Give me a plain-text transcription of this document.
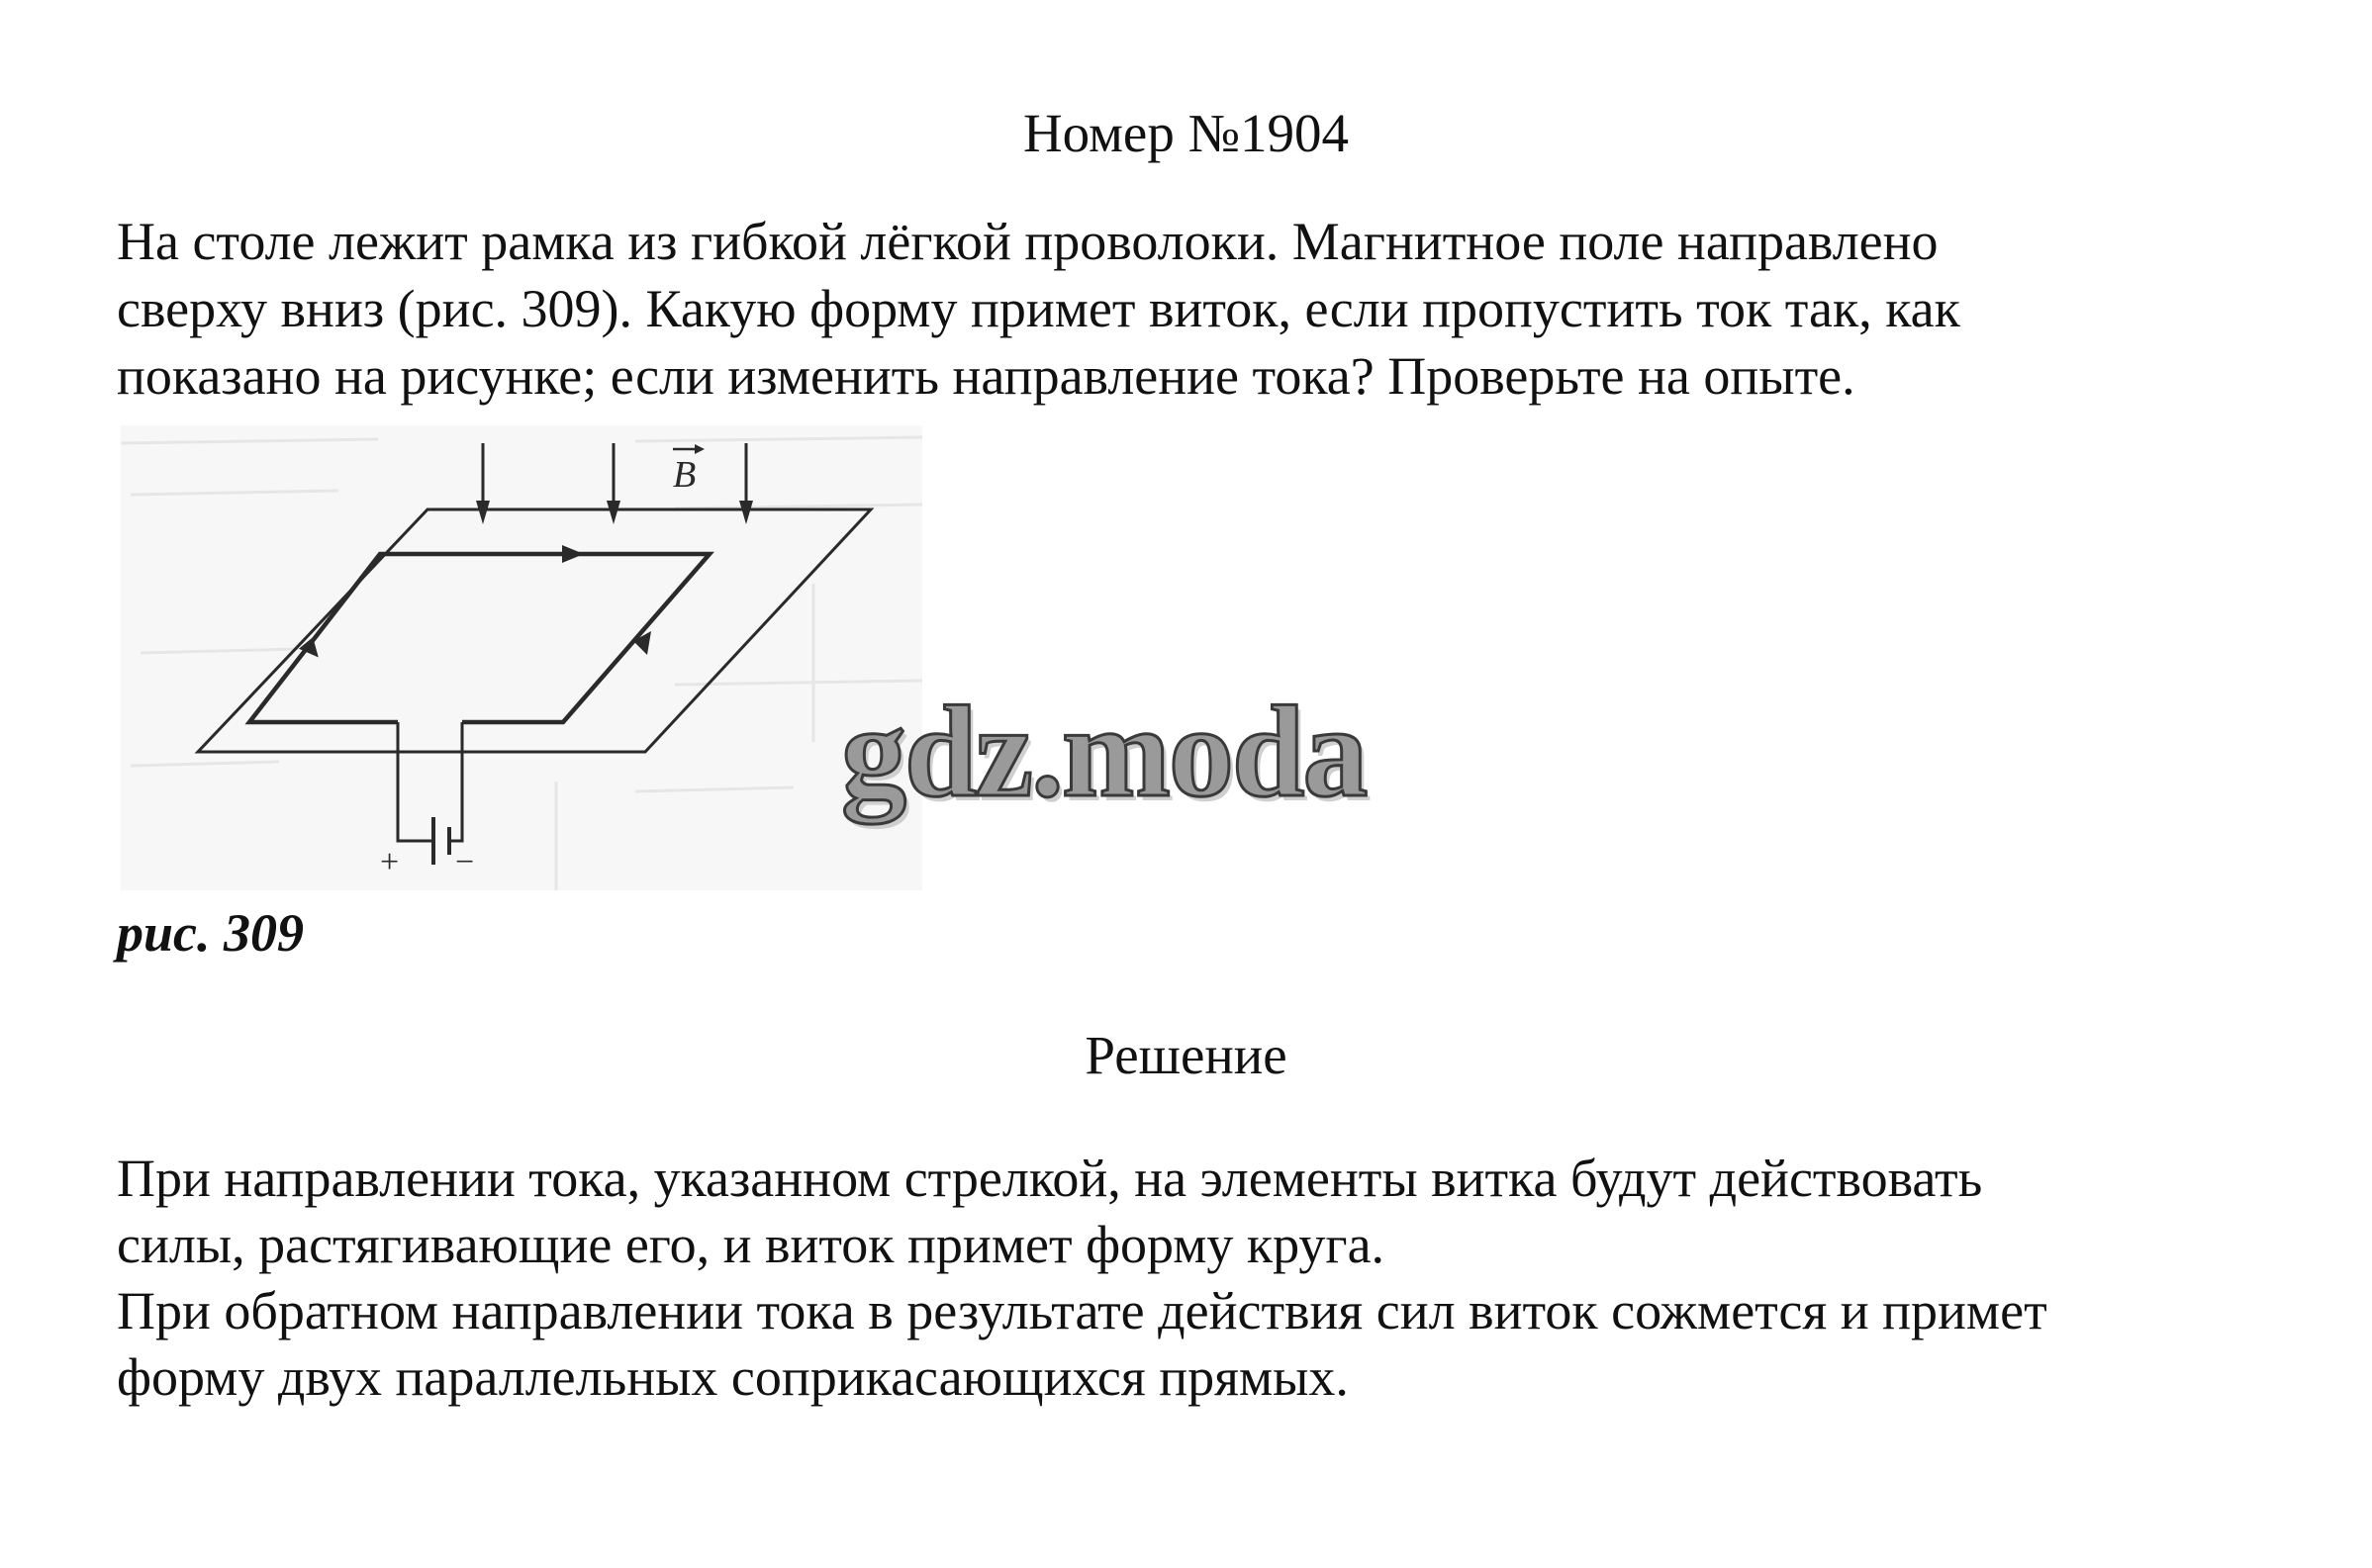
Номер №1904
На столе лежит рамка из гибкой лёгкой проволоки. Магнитное поле направлено
сверху вниз (рис. 309). Какую форму примет виток, если пропустить ток так, как
показано на рисунке; если изменить направление тока? Проверьте на опыте.
+ −
B
рис. 309
gdz.moda
Решение
При направлении тока, указанном стрелкой, на элементы витка будут действовать
силы, растягивающие его, и виток примет форму круга.
При обратном направлении тока в результате действия сил виток сожмется и примет
форму двух параллельных соприкасающихся прямых.
